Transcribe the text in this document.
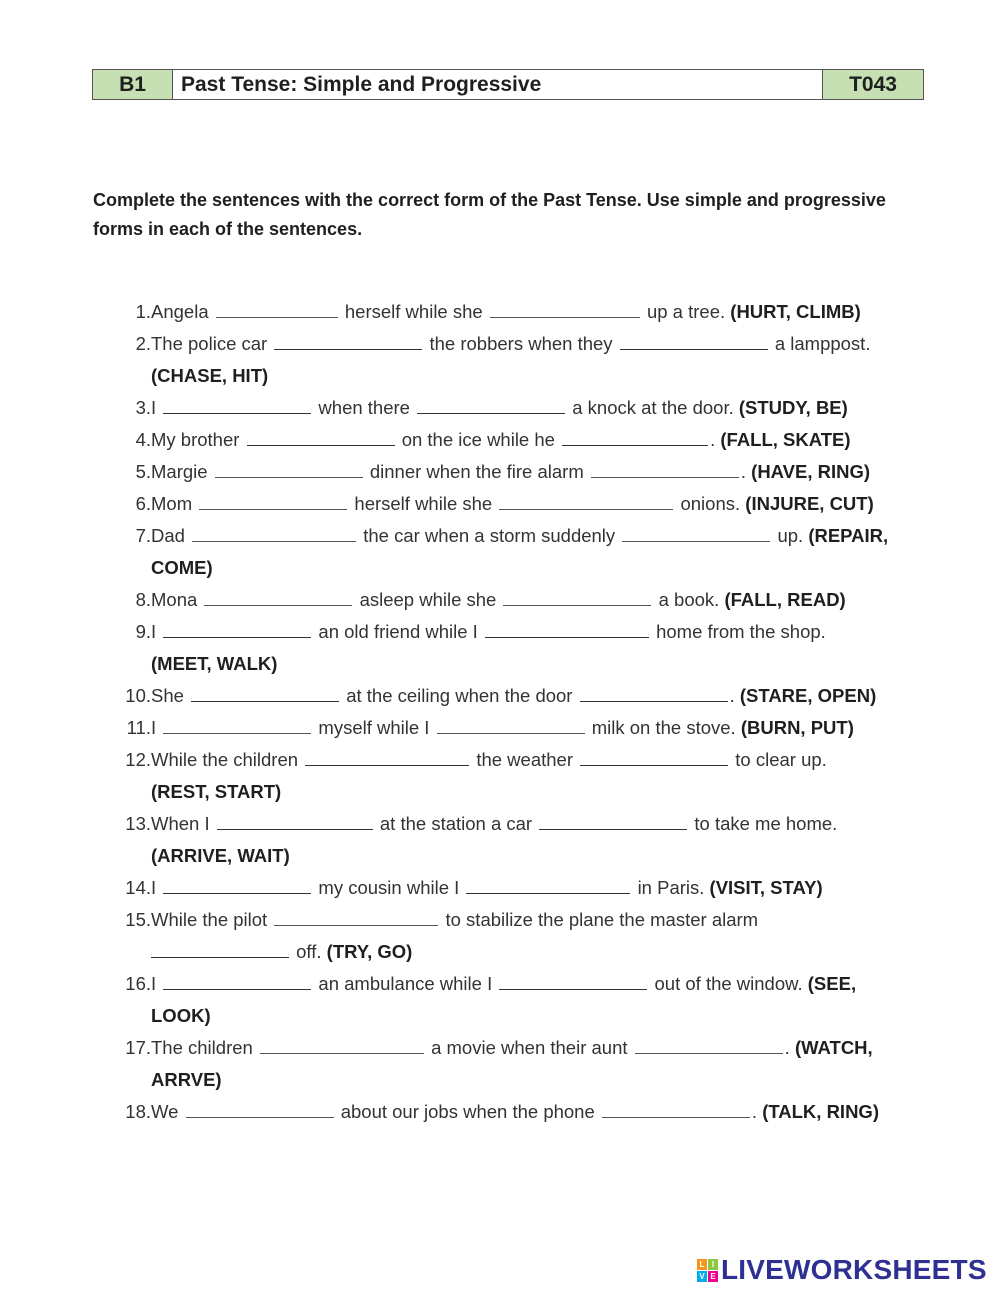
B1	Past Tense: Simple and Progressive	T043
Complete the sentences with the correct form of the Past Tense. Use simple and progressive forms in each of the sentences.
1. Angela	herself while she	up a tree. (HURT, CLIMB)
2. The police car	the robbers when they	a lamppost.
(CHASE, HIT)
3. I	when there	a knock at the door. (STUDY, BE)
4. My brother	on the ice while he	. (FALL, SKATE)
5. Margie	dinner when the fire alarm	. (HAVE, RING)
6. Mom	herself while she	onions. (INJURE, CUT)
7. Dad	the car when a storm suddenly	up. (REPAIR,
COME)
8. Mona	asleep while she	a book. (FALL, READ)
9. I	an old friend while I	home from the shop.
(MEET, WALK)
10. She	at the ceiling when the door	. (STARE, OPEN)
11. I	myself while I	milk on the stove. (BURN, PUT)
12. While the children	the weather	to clear up.
(REST, START)
13. When I	at the station a car	to take me home.
(ARRIVE, WAIT)
14. I	my cousin while I	in Paris. (VISIT, STAY)
15. While the pilot	to stabilize the plane the master alarm
off. (TRY, GO)
16. I	an ambulance while I	out of the window. (SEE,
LOOK)
17. The children	a movie when their aunt	. (WATCH,
ARRVE)
18. We	about our jobs when the phone	. (TALK, RING)
L I
V E LIVEWORKSHEETS
